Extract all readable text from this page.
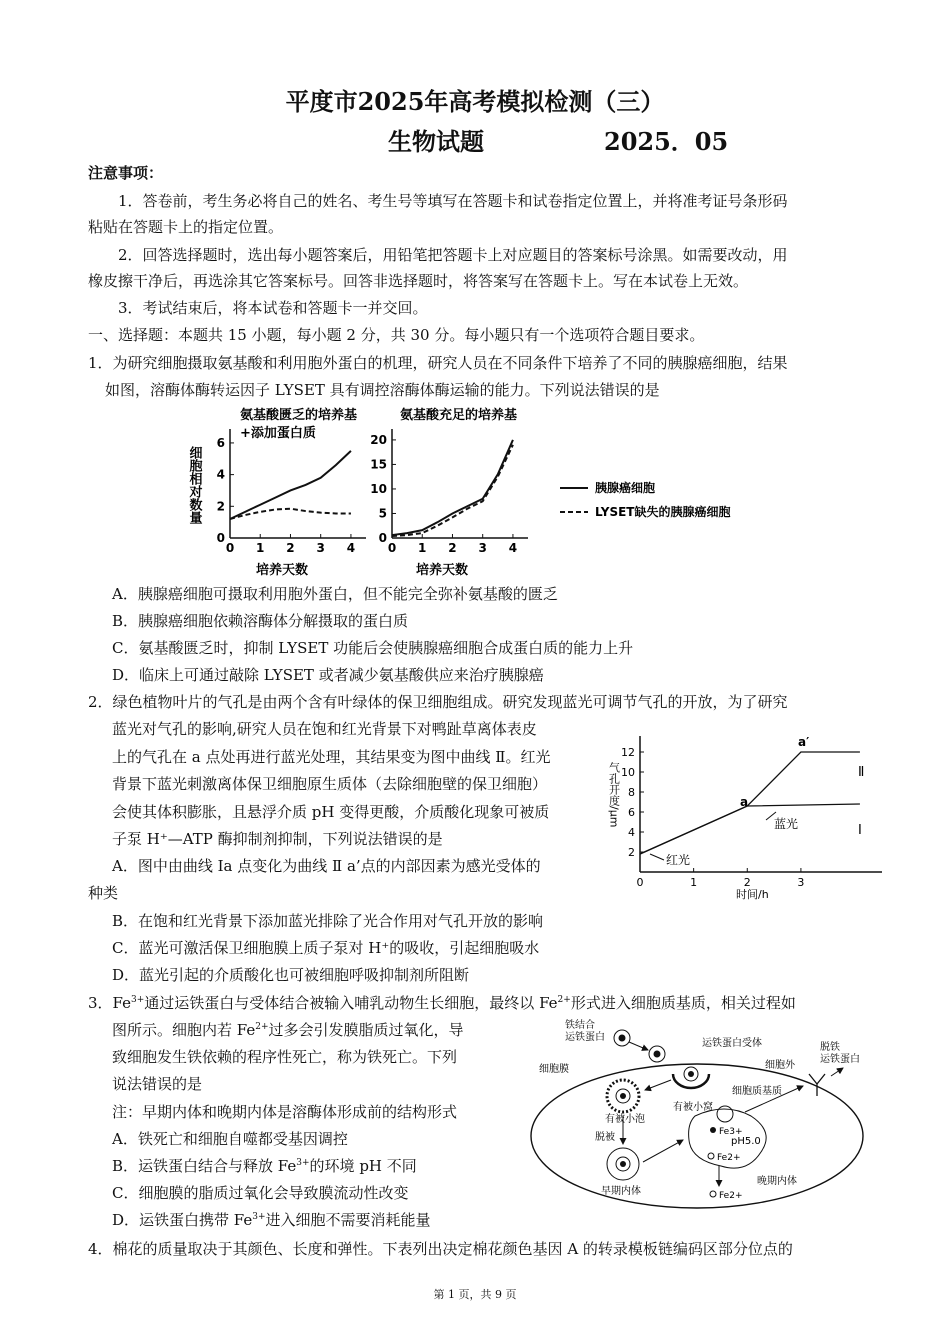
平度市2025年高考模拟检测（三）
生物试题	2025．05
注意事项：
1．答卷前，考生务必将自己的姓名、考生号等填写在答题卡和试卷指定位置上，并将准考证号条形码
粘贴在答题卡上的指定位置。
2．回答选择题时，选出每小题答案后，用铅笔把答题卡上对应题目的答案标号涂黑。如需要改动，用
橡皮擦干净后，再选涂其它答案标号。回答非选择题时，将答案写在答题卡上。写在本试卷上无效。
3．考试结束后，将本试卷和答题卡一并交回。
一、选择题：本题共 15 小题，每小题 2 分，共 30 分。每小题只有一个选项符合题目要求。
1．为研究细胞摄取氨基酸和利用胞外蛋白的机理，研究人员在不同条件下培养了不同的胰腺癌细胞，结果
如图，溶酶体酶转运因子 LYSET 具有调控溶酶体酶运输的能力。下列说法错误的是
氨基酸匮乏的培养基
+添加蛋白质
细胞相对数量
培养天数
0 1 2 3 4
0
2
4
6
氨基酸充足的培养基
培养天数
0 1 2 3 4
0
5
10
15
20
胰腺癌细胞
LYSET缺失的胰腺癌细胞
A．胰腺癌细胞可摄取利用胞外蛋白，但不能完全弥补氨基酸的匮乏
B．胰腺癌细胞依赖溶酶体分解摄取的蛋白质
C．氨基酸匮乏时，抑制 LYSET 功能后会使胰腺癌细胞合成蛋白质的能力上升
D．临床上可通过敲除 LYSET 或者减少氨基酸供应来治疗胰腺癌
2．绿色植物叶片的气孔是由两个含有叶绿体的保卫细胞组成。研究发现蓝光可调节气孔的开放，为了研究
蓝光对气孔的影响,研究人员在饱和红光背景下对鸭趾草离体表皮
上的气孔在 a 点处再进行蓝光处理，其结果变为图中曲线 Ⅱ。红光
背景下蓝光刺激离体保卫细胞原生质体（去除细胞壁的保卫细胞）
会使其体积膨胀，且悬浮介质 pH 变得更酸，介质酸化现象可被质
子泵 H⁺—ATP 酶抑制剂抑制，下列说法错误的是
A．图中由曲线 Ⅰa 点变化为曲线 Ⅱ a’点的内部因素为感光受体的
种类
B．在饱和红光背景下添加蓝光排除了光合作用对气孔开放的影响
C．蓝光可激活保卫细胞膜上质子泵对 H⁺的吸收，引起细胞吸水
D．蓝光引起的介质酸化也可被细胞呼吸抑制剂所阻断
气孔开度/μm
时间/h
a
a′
Ⅰ
Ⅱ
蓝光
红光
0	1	2	3
2
4
6
8
10
12
3．$Fe^{3+}$通过运铁蛋白与受体结合被输入哺乳动物生长细胞，最终以 $Fe^{2+}$形式进入细胞质基质，相关过程如
图所示。细胞内若 $Fe^{2+}$过多会引发膜脂质过氧化，导
致细胞发生铁依赖的程序性死亡，称为铁死亡。下列
说法错误的是
注：早期内体和晚期内体是溶酶体形成前的结构形式
A．铁死亡和细胞自噬都受基因调控
B．运铁蛋白结合与释放 $Fe^{3+}$的环境 pH 不同
C．细胞膜的脂质过氧化会导致膜流动性改变
D．运铁蛋白携带 $Fe^{3+}$进入细胞不需要消耗能量
铁结合
运铁蛋白
运铁蛋白受体
细胞外
脱铁
运铁蛋白
细胞膜
细胞质基质
有被小窝
有被小泡
脱被
早期内体
晚期内体
pH5.0
Fe3+
Fe2+
Fe2+
4．棉花的质量取决于其颜色、长度和弹性。下表列出决定棉花颜色基因 A 的转录模板链编码区部分位点的
第 1 页，共 9 页
